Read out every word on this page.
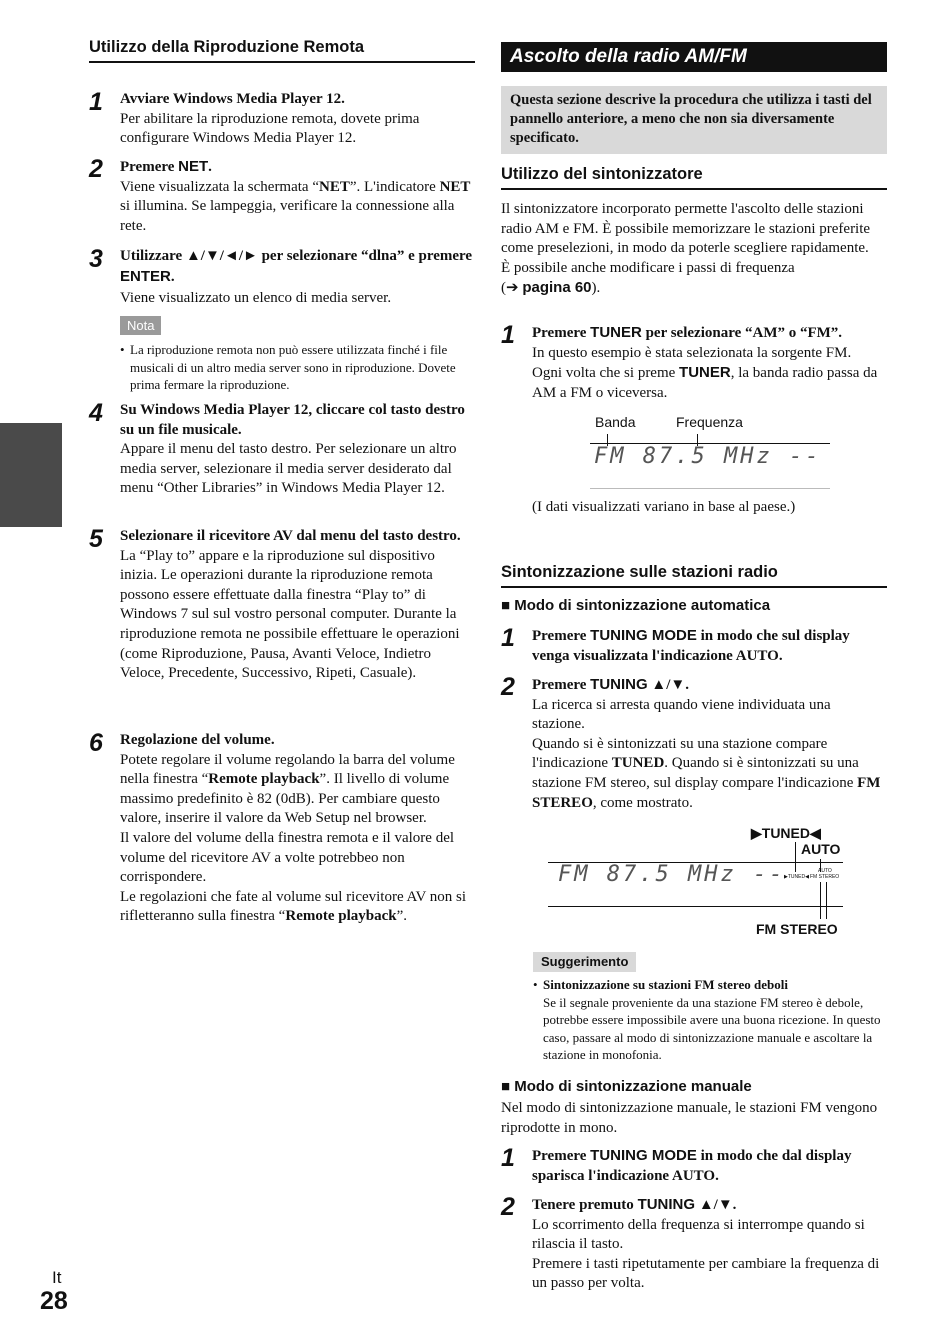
Utilizzo della Riproduzione Remota
1 Avviare Windows Media Player 12.

Per abilitare la riproduzione remota, dovete prima configurare Windows Media Player 12.

2 Premere NET.

Viene visualizzata la schermata “NET”. L'indicatore NET si illumina. Se lampeggia, verificare la connessione alla rete.

3 Utilizzare ▲/▼/◄/► per selezionare “dlna” e premere ENTER.

Viene visualizzato un elenco di media server.

Nota
• La riproduzione remota non può essere utilizzata finché i file musicali di un altro media server sono in riproduzione. Dovete prima fermare la riproduzione.
4 Su Windows Media Player 12, cliccare col tasto destro su un file musicale.

Appare il menu del tasto destro. Per selezionare un altro media server, selezionare il media server desiderato dal menu “Other Libraries” in Windows Media Player 12.

5 Selezionare il ricevitore AV dal menu del tasto destro.

La “Play to” appare e la riproduzione sul dispositivo inizia. Le operazioni durante la riproduzione remota possono essere effettuate dalla finestra “Play to” di Windows 7 sul sul vostro personal computer. Durante la riproduzione remota ne possibile effettuare le operazioni (come Riproduzione, Pausa, Avanti Veloce, Indietro Veloce, Precedente, Successivo, Ripeti, Casuale).

6 Regolazione del volume.

Potete regolare il volume regolando la barra del volume nella finestra “Remote playback”. Il livello di volume massimo predefinito è 82 (0dB). Per cambiare questo valore, inserire il valore da Web Setup nel browser.

Il valore del volume della finestra remota e il valore del volume del ricevitore AV a volte potrebbeo non corrispondere.

Le regolazioni che fate al volume sul ricevitore AV non si rifletteranno sulla finestra “Remote playback”.

Ascolto della radio AM/FM
Questa sezione descrive la procedura che utilizza i tasti del pannello anteriore, a meno che non sia diversamente specificato.
Utilizzo del sintonizzatore

Il sintonizzatore incorporato permette l'ascolto delle stazioni radio AM e FM. È possibile memorizzare le stazioni preferite come preselezioni, in modo da poterle scegliere rapidamente.

È possibile anche modificare i passi di frequenza

(➔ pagina 60).

1 Premere TUNER per selezionare “AM” o “FM”.

In questo esempio è stata selezionata la sorgente FM.

Ogni volta che si preme TUNER, la banda radio passa da AM a FM o viceversa.

Banda	Frequenza
FM 87.5 MHz --
(I dati visualizzati variano in base al paese.)
Sintonizzazione sulle stazioni radio
■ Modo di sintonizzazione automatica
1 Premere TUNING MODE in modo che sul display venga visualizzata l'indicazione AUTO.

2 Premere TUNING ▲/▼.

La ricerca si arresta quando viene individuata una stazione.

Quando si è sintonizzati su una stazione compare l'indicazione TUNED. Quando si è sintonizzati su una stazione FM stereo, sul display compare l'indicazione FM STEREO, come mostrato.

▶TUNED◀
AUTO
FM 87.5 MHz --
▶TUNED◀
AUTO
FM STEREO
FM STEREO
Suggerimento
• Sintonizzazione su stazioni FM stereo deboli
Se il segnale proveniente da una stazione FM stereo è debole, potrebbe essere impossibile avere una buona ricezione. In questo caso, passare al modo di sintonizzazione manuale e ascoltare la stazione in monofonia.
■ Modo di sintonizzazione manuale
Nel modo di sintonizzazione manuale, le stazioni FM vengono riprodotte in mono.
1 Premere TUNING MODE in modo che dal display sparisca l'indicazione AUTO.

2 Tenere premuto TUNING ▲/▼.

Lo scorrimento della frequenza si interrompe quando si rilascia il tasto.

Premere i tasti ripetutamente per cambiare la frequenza di un passo per volta.

It
28
